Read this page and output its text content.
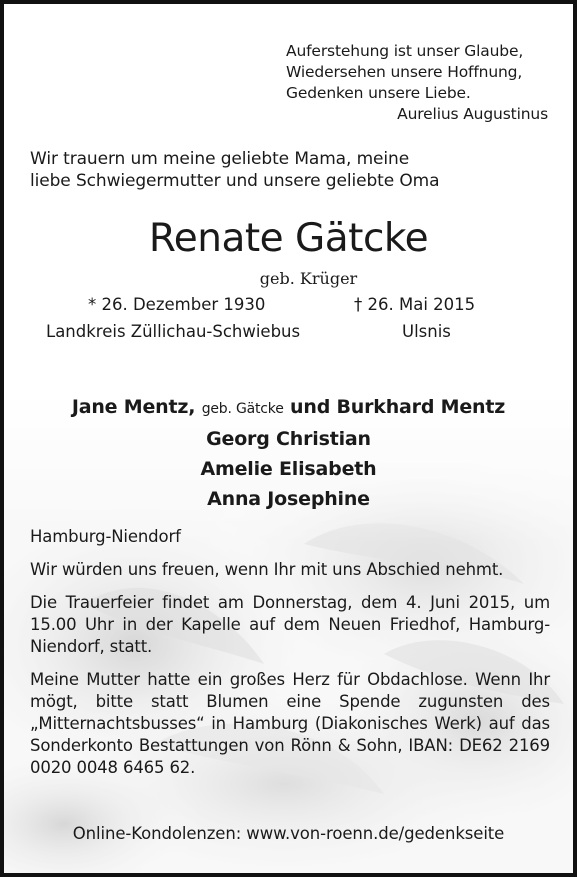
Auferstehung ist unser Glaube,
Wiedersehen unsere Hoffnung,
Gedenken unsere Liebe.
Aurelius Augustinus
Wir trauern um meine geliebte Mama, meine
liebe Schwiegermutter und unsere geliebte Oma
Renate Gätcke
geb. Krüger
* 26. Dezember 1930	† 26. Mai 2015
Landkreis Züllichau-Schwiebus	Ulsnis
Jane Mentz, geb. Gätcke und Burkhard Mentz
Georg Christian
Amelie Elisabeth
Anna Josephine

Hamburg-Niendorf

Wir würden uns freuen, wenn Ihr mit uns Abschied nehmt.

Die Trauerfeier findet am Donnerstag, dem 4. Juni 2015, um 15.00 Uhr in der Kapelle auf dem Neuen Friedhof, Hamburg-Niendorf, statt.

Meine Mutter hatte ein großes Herz für Obdachlose. Wenn Ihr mögt, bitte statt Blumen eine Spende zugunsten des „Mitternachtsbusses“ in Hamburg (Diakonisches Werk) auf das Sonderkonto Bestattungen von Rönn & Sohn, IBAN: DE62 2169 0020 0048 6465 62.

Online-Kondolenzen: www.von-roenn.de/gedenkseite
